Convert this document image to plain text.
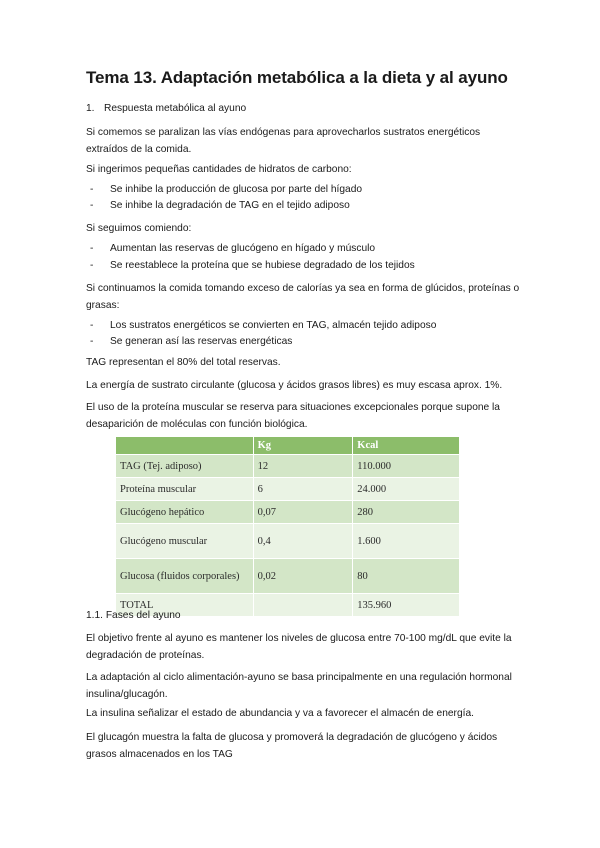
Tema 13. Adaptación metabólica a la dieta y al ayuno
1. Respuesta metabólica al ayuno

Si comemos se paralizan las vías endógenas para aprovecharlos sustratos energéticos extraídos de la comida.

Si ingerimos pequeñas cantidades de hidratos de carbono:

- Se inhibe la producción de glucosa por parte del hígado
- Se inhibe la degradación de TAG en el tejido adiposo

Si seguimos comiendo:

- Aumentan las reservas de glucógeno en hígado y músculo
- Se reestablece la proteína que se hubiese degradado de los tejidos

Si continuamos la comida tomando exceso de calorías ya sea en forma de glúcidos, proteínas o grasas:

- Los sustratos energéticos se convierten en TAG, almacén tejido adiposo
- Se generan así las reservas energéticas

TAG representan el 80% del total reservas.

La energía de sustrato circulante (glucosa y ácidos grasos libres) es muy escasa aprox. 1%.

El uso de la proteína muscular se reserva para situaciones excepcionales porque supone la desaparición de moléculas con función biológica.

	Kg	Kcal
TAG (Tej. adiposo)	12	110.000
Proteína muscular	6	24.000
Glucógeno hepático	0,07	280
Glucógeno muscular	0,4	1.600
Glucosa (fluidos corporales)	0,02	80
TOTAL		135.960
1.1. Fases del ayuno

El objetivo frente al ayuno es mantener los niveles de glucosa entre 70-100 mg/dL que evite la degradación de proteínas.

La adaptación al ciclo alimentación-ayuno se basa principalmente en una regulación hormonal insulina/glucagón.

La insulina señalizar el estado de abundancia y va a favorecer el almacén de energía.

El glucagón muestra la falta de glucosa y promoverá la degradación de glucógeno y ácidos grasos almacenados en los TAG
